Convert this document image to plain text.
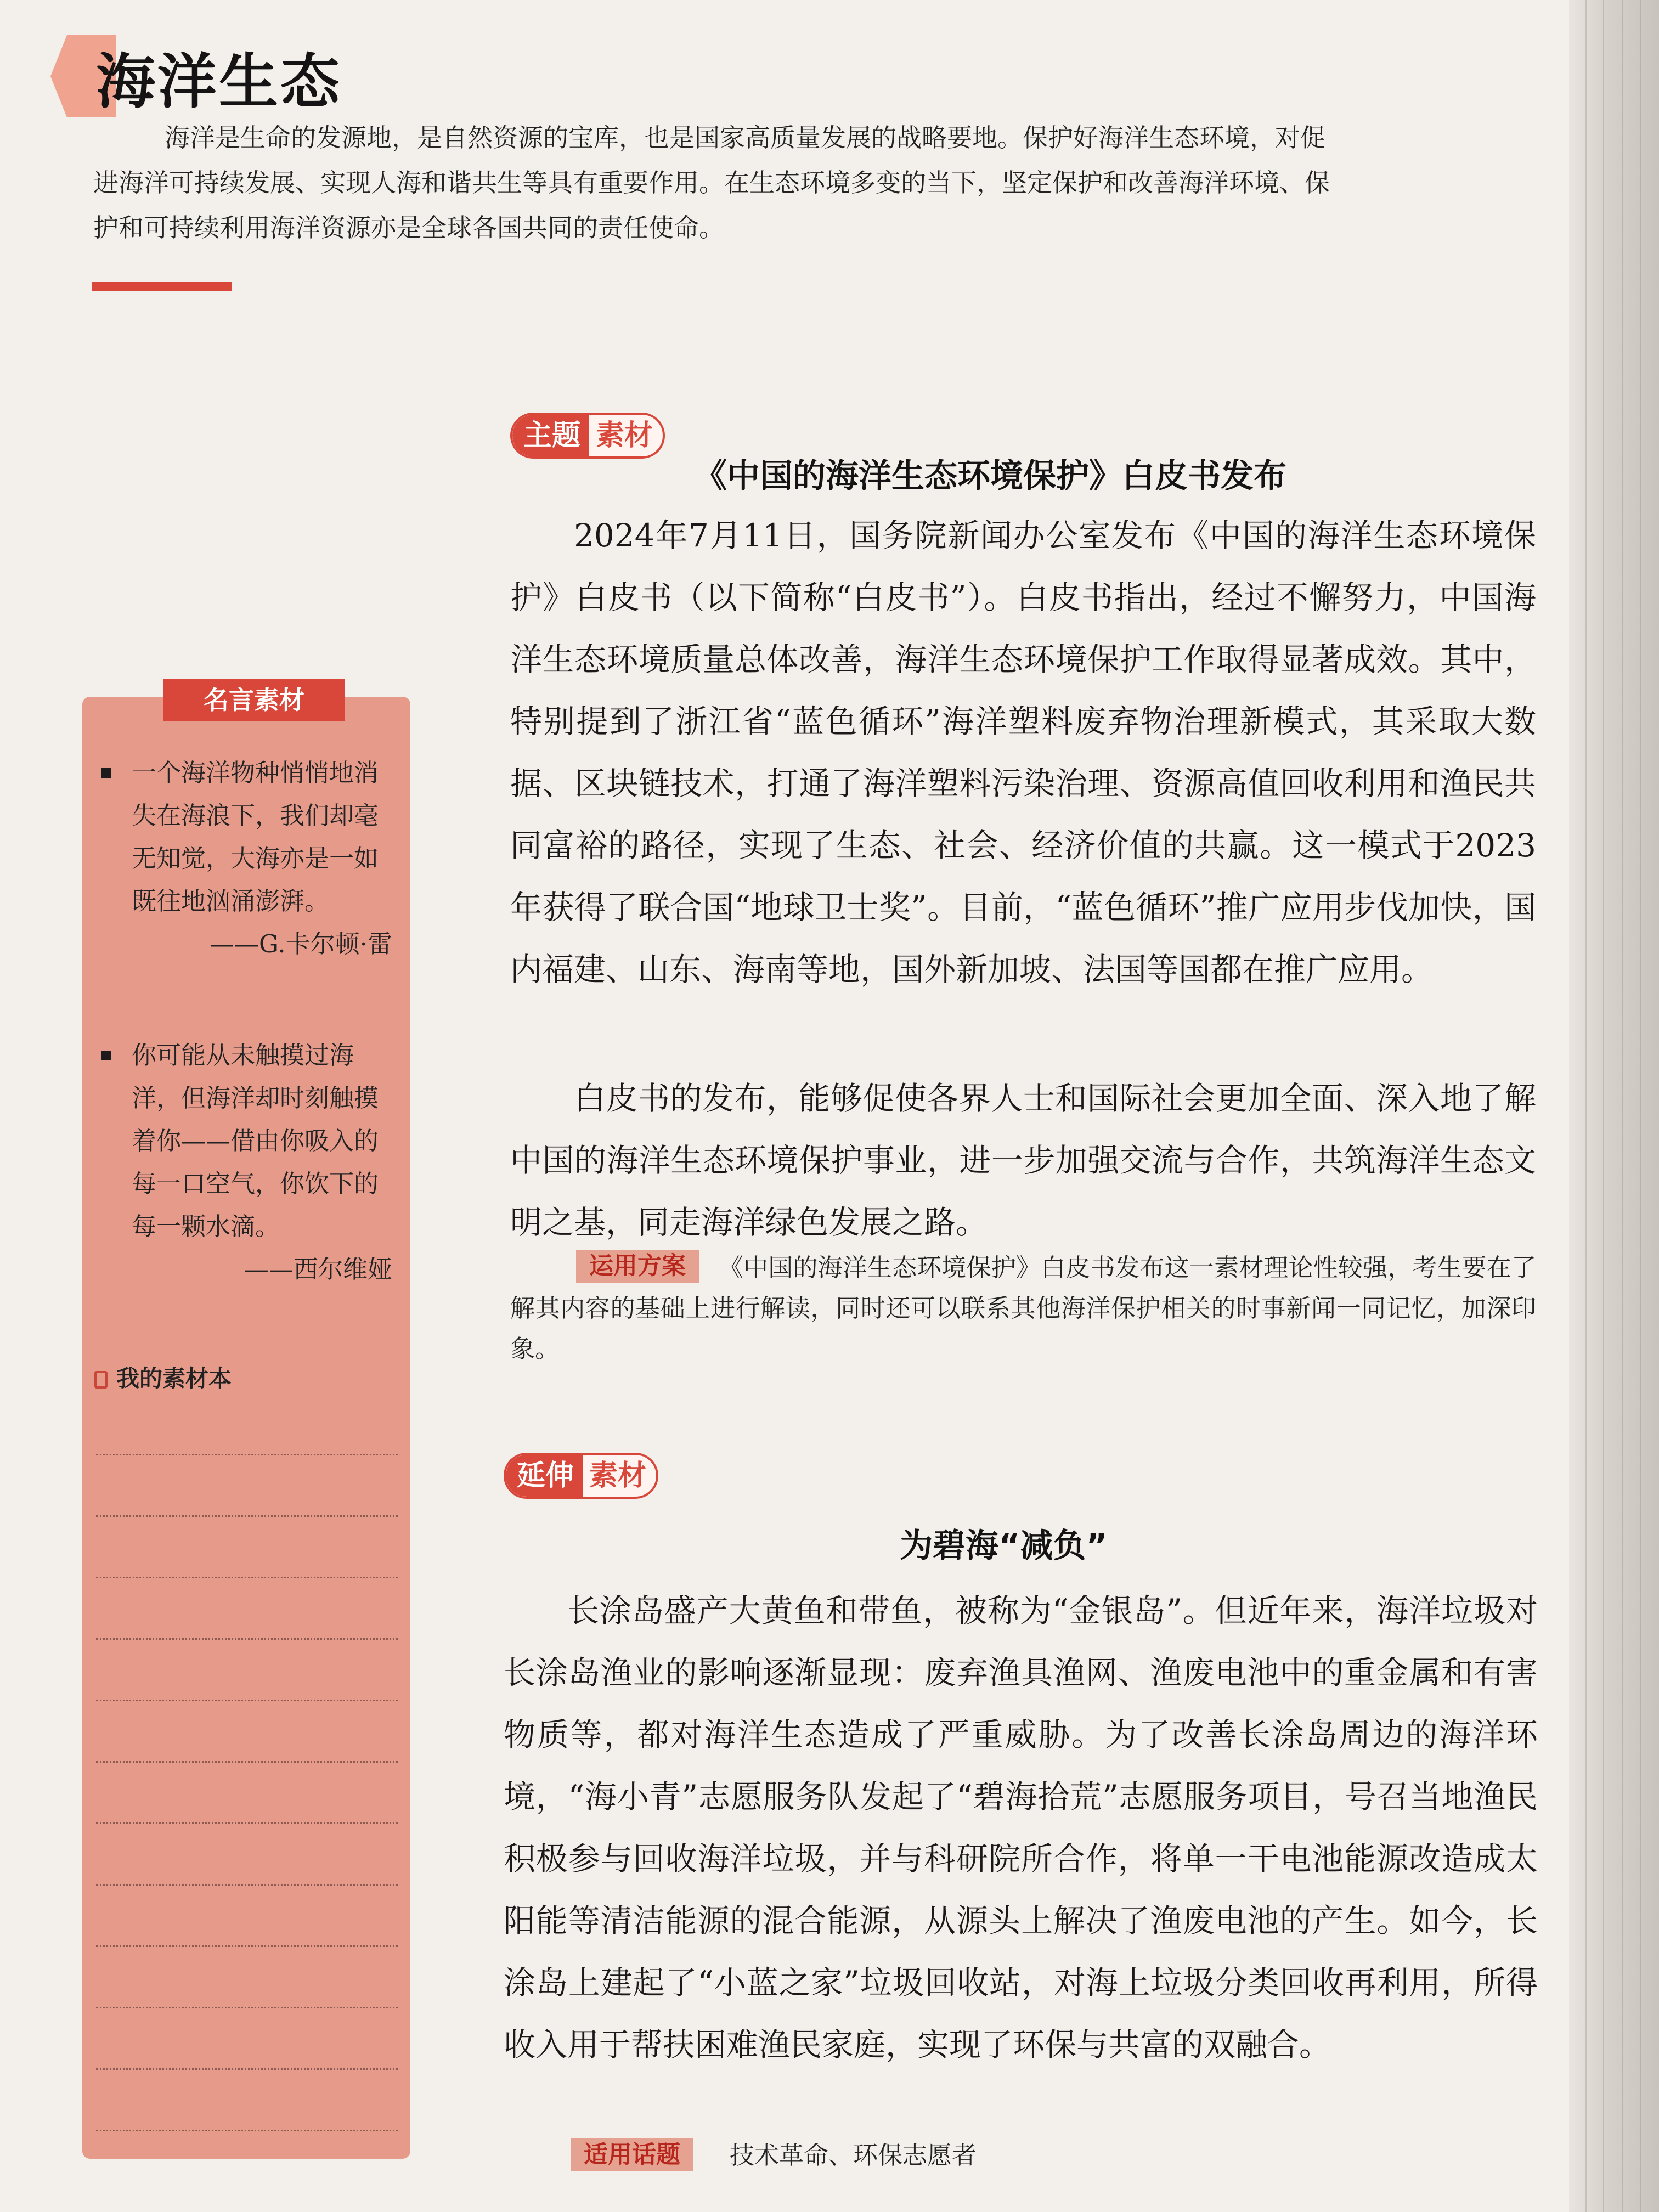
海洋生态

海洋是生命的发源地，是自然资源的宝库，也是国家高质量发展的战略要地。保护好海洋生态环境，对促进海洋可持续发展、实现人海和谐共生等具有重要作用。在生态环境多变的当下，坚定保护和改善海洋环境、保护和可持续利用海洋资源亦是全球各国共同的责任使命。

名言素材
一个海洋物种悄悄地消失在海浪下，我们却毫无知觉，大海亦是一如既往地汹涌澎湃。
——G.卡尔顿·雷
你可能从未触摸过海洋，但海洋却时刻触摸着你——借由你吸入的每一口空气，你饮下的每一颗水滴。
——西尔维娅
我的素材本
主题 素材
《中国的海洋生态环境保护》白皮书发布

2024年7月11日，国务院新闻办公室发布《中国的海洋生态环境保护》白皮书（以下简称“白皮书”）。白皮书指出，经过不懈努力，中国海洋生态环境质量总体改善，海洋生态环境保护工作取得显著成效。其中，特别提到了浙江省“蓝色循环”海洋塑料废弃物治理新模式，其采取大数据、区块链技术，打通了海洋塑料污染治理、资源高值回收利用和渔民共同富裕的路径，实现了生态、社会、经济价值的共赢。这一模式于2023年获得了联合国“地球卫士奖”。目前，“蓝色循环”推广应用步伐加快，国内福建、山东、海南等地，国外新加坡、法国等国都在推广应用。

白皮书的发布，能够促使各界人士和国际社会更加全面、深入地了解中国的海洋生态环境保护事业，进一步加强交流与合作，共筑海洋生态文明之基，同走海洋绿色发展之路。

运用方案	《中国的海洋生态环境保护》白皮书发布这一素材理论性较强，考生要在了解其内容的基础上进行解读，同时还可以联系其他海洋保护相关的时事新闻一同记忆，加深印象。

延伸 素材
为碧海“减负”

长涂岛盛产大黄鱼和带鱼，被称为“金银岛”。但近年来，海洋垃圾对长涂岛渔业的影响逐渐显现：废弃渔具渔网、渔废电池中的重金属和有害物质等，都对海洋生态造成了严重威胁。为了改善长涂岛周边的海洋环境，“海小青”志愿服务队发起了“碧海拾荒”志愿服务项目，号召当地渔民积极参与回收海洋垃圾，并与科研院所合作，将单一干电池能源改造成太阳能等清洁能源的混合能源，从源头上解决了渔废电池的产生。如今，长涂岛上建起了“小蓝之家”垃圾回收站，对海上垃圾分类回收再利用，所得收入用于帮扶困难渔民家庭，实现了环保与共富的双融合。

适用话题	技术革命、环保志愿者
